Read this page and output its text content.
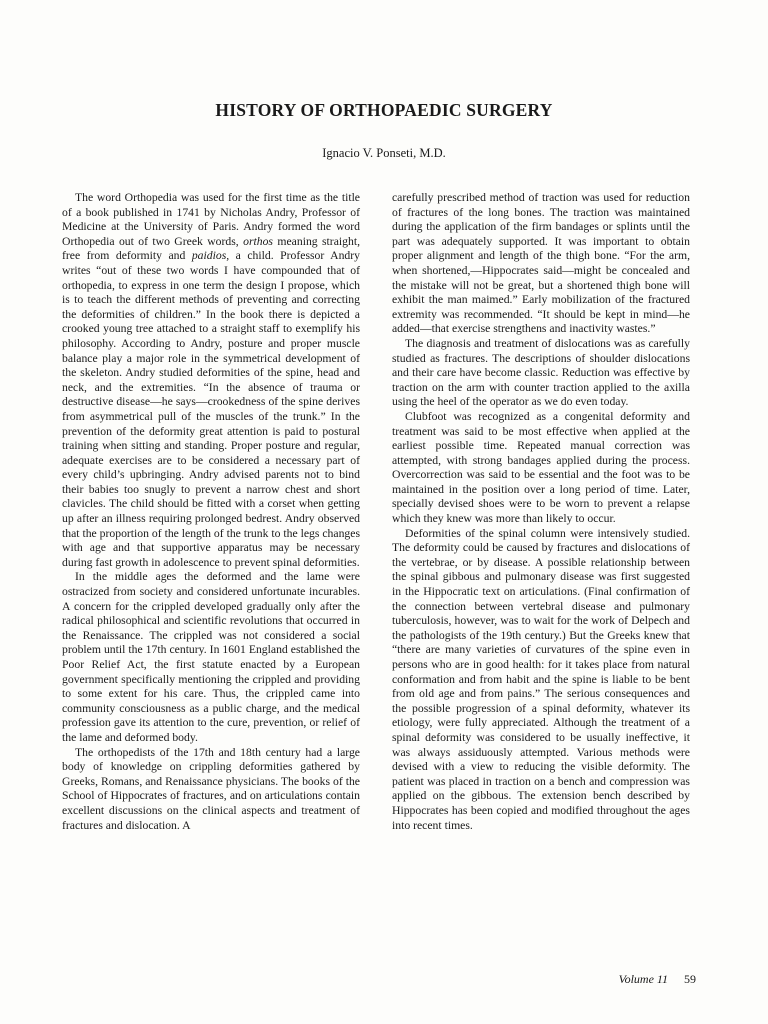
HISTORY OF ORTHOPAEDIC SURGERY
Ignacio V. Ponseti, M.D.

The word Orthopedia was used for the first time as the title of a book published in 1741 by Nicholas Andry, Professor of Medicine at the University of Paris. Andry formed the word Orthopedia out of two Greek words, orthos meaning straight, free from deformity and paidios, a child. Professor Andry writes “out of these two words I have compounded that of orthopedia, to express in one term the design I propose, which is to teach the different methods of preventing and correcting the deformities of children.” In the book there is depicted a crooked young tree attached to a straight staff to exemplify his philosophy. According to Andry, posture and proper muscle balance play a major role in the symmetrical development of the skeleton. Andry studied deformities of the spine, head and neck, and the extremities. “In the absence of trauma or destructive disease—he says—crookedness of the spine derives from asymmetrical pull of the muscles of the trunk.” In the prevention of the deformity great attention is paid to postural training when sitting and standing. Proper posture and regular, adequate exercises are to be considered a necessary part of every child’s upbringing. Andry advised parents not to bind their babies too snugly to prevent a narrow chest and short clavicles. The child should be fitted with a corset when getting up after an illness requiring prolonged bedrest. Andry observed that the proportion of the length of the trunk to the legs changes with age and that supportive apparatus may be necessary during fast growth in adolescence to prevent spinal deformities.

In the middle ages the deformed and the lame were ostracized from society and considered unfortunate incurables. A concern for the crippled developed gradually only after the radical philosophical and scientific revolutions that occurred in the Renaissance. The crippled was not considered a social problem until the 17th century. In 1601 England established the Poor Relief Act, the first statute enacted by a European government specifically mentioning the crippled and providing to some extent for his care. Thus, the crippled came into community consciousness as a public charge, and the medical profession gave its attention to the cure, prevention, or relief of the lame and deformed body.

The orthopedists of the 17th and 18th century had a large body of knowledge on crippling deformities gathered by Greeks, Romans, and Renaissance physicians. The books of the School of Hippocrates of fractures, and on articulations contain excellent discussions on the clinical aspects and treatment of fractures and dislocation. A

carefully prescribed method of traction was used for reduction of fractures of the long bones. The traction was maintained during the application of the firm bandages or splints until the part was adequately supported. It was important to obtain proper alignment and length of the thigh bone. “For the arm, when shortened,—Hippocrates said—might be concealed and the mistake will not be great, but a shortened thigh bone will exhibit the man maimed.” Early mobilization of the fractured extremity was recommended. “It should be kept in mind—he added—that exercise strengthens and inactivity wastes.”

The diagnosis and treatment of dislocations was as carefully studied as fractures. The descriptions of shoulder dislocations and their care have become classic. Reduction was effective by traction on the arm with counter traction applied to the axilla using the heel of the operator as we do even today.

Clubfoot was recognized as a congenital deformity and treatment was said to be most effective when applied at the earliest possible time. Repeated manual correction was attempted, with strong bandages applied during the process. Overcorrection was said to be essential and the foot was to be maintained in the position over a long period of time. Later, specially devised shoes were to be worn to prevent a relapse which they knew was more than likely to occur.

Deformities of the spinal column were intensively studied. The deformity could be caused by fractures and dislocations of the vertebrae, or by disease. A possible relationship between the spinal gibbous and pulmonary disease was first suggested in the Hippocratic text on articulations. (Final confirmation of the connection between vertebral disease and pulmonary tuberculosis, however, was to wait for the work of Delpech and the pathologists of the 19th century.) But the Greeks knew that “there are many varieties of curvatures of the spine even in persons who are in good health: for it takes place from natural conformation and from habit and the spine is liable to be bent from old age and from pains.” The serious consequences and the possible progression of a spinal deformity, whatever its etiology, were fully appreciated. Although the treatment of a spinal deformity was considered to be usually ineffective, it was always assiduously attempted. Various methods were devised with a view to reducing the visible deformity. The patient was placed in traction on a bench and compression was applied on the gibbous. The extension bench described by Hippocrates has been copied and modified throughout the ages into recent times.

Volume 11 59
